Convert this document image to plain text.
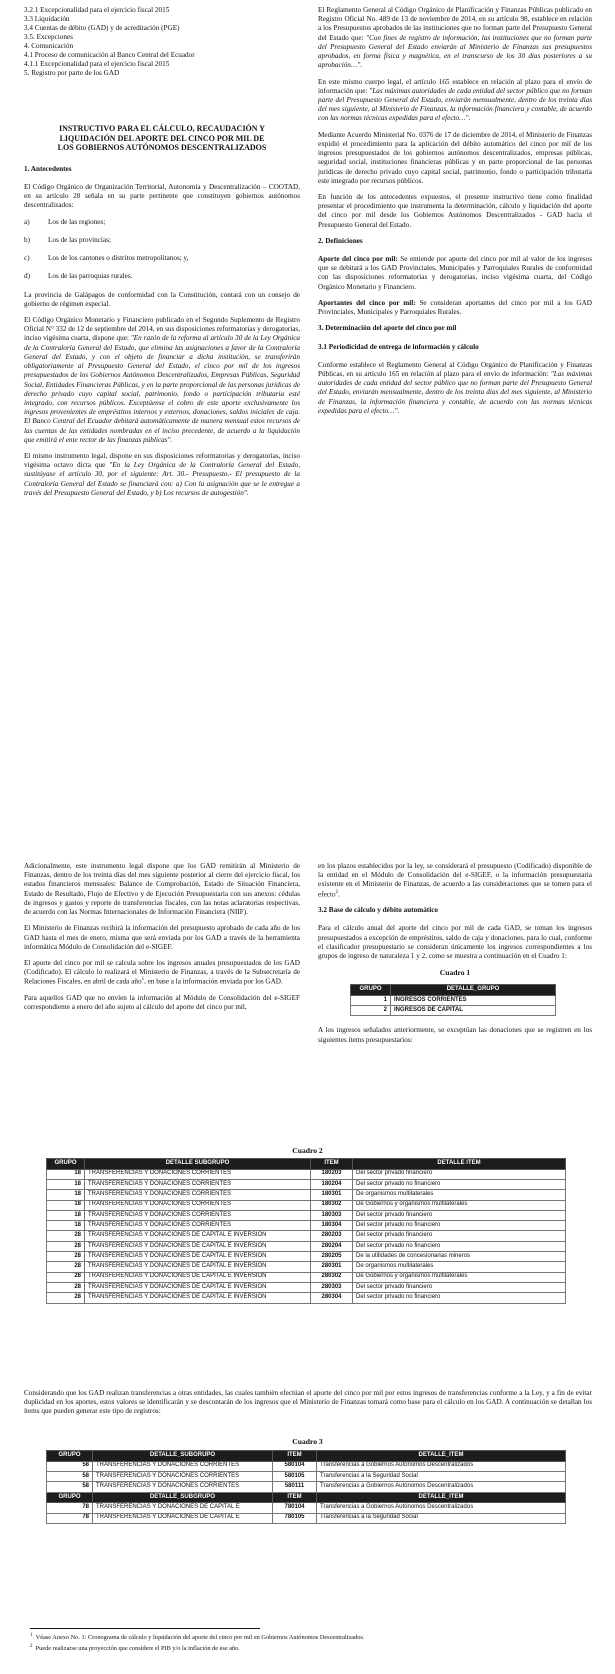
3.2.1 Excepcionalidad para el ejercicio fiscal 2015
3.3 Liquidación
3.4 Cuentas de débito (GAD) y de acreditación (PGE)
3.5. Excepciones
4. Comunicación
4.1 Proceso de comunicación al Banco Central del Ecuador
4.1.1 Excepcionalidad para el ejercicio fiscal 2015
5. Registro por parte de los GAD
INSTRUCTIVO PARA EL CÁLCULO, RECAUDACIÓN Y LIQUIDACIÓN DEL APORTE DEL CINCO POR MIL DE LOS GOBIERNOS AUTÓNOMOS DESCENTRALIZADOS
1. Antecedentes

El Código Orgánico de Organización Territorial, Autonomía y Descentralización – COOTAD, en su artículo 28 señala en su parte pertinente que constituyen gobiernos autónomos descentralizados:

a)	Los de las regiones;
b)	Los de las provincias;
c)	Los de los cantones o distritos metropolitanos; y,
d)	Los de las parroquias rurales.

La provincia de Galápagos de conformidad con la Constitución, contará con un consejo de gobierno de régimen especial.

El Código Orgánico Monetario y Financiero publicado en el Segundo Suplemento de Registro Oficial N° 332 de 12 de septiembre del 2014, en sus disposiciones reformatorias y derogatorias, inciso vigésima cuarta, dispone que: "En razón de la reforma al artículo 30 de la Ley Orgánica de la Contraloría General del Estado, que elimina las asignaciones a favor de la Contraloría General del Estado, y con el objeto de financiar a dicha institución, se transferirán obligatoriamente al Presupuesto General del Estado, el cinco por mil de los ingresos presupuestados de los Gobiernos Autónomos Descentralizados, Empresas Públicas, Seguridad Social, Entidades Financieras Públicas, y en la parte proporcional de las personas jurídicas de derecho privado cuyo capital social, patrimonio, fondo o participación tributaria esté integrado, con recursos públicos. Exceptúense el cobro de este aporte exclusivamente los ingresos provenientes de empréstitos internos y externos, donaciones, saldos iniciales de caja. El Banco Central del Ecuador debitará automáticamente de manera mensual estos recursos de las cuentas de las entidades nombradas en el inciso precedente, de acuerdo a la liquidación que emitirá el ente rector de las finanzas públicas".

El mismo instrumento legal, dispone en sus disposiciones reformatorias y derogatorias, inciso vigésima octavo dicta que "En la Ley Orgánica de la Contraloría General del Estado, sustitúyase el artículo 30, por el siguiente: Art. 30.- Presupuesto.- El presupuesto de la Contraloría General del Estado se financiará con: a) Con la asignación que se le entregue a través del Presupuesto General del Estado, y b) Los recursos de autogestión".

El Reglamento General al Código Orgánico de Planificación y Finanzas Públicas publicado en Registro Oficial No. 489 de 13 de noviembre de 2014, en su artículo 98, establece en relación a los Presupuestos aprobados de las instituciones que no forman parte del Presupuesto General del Estado que: "Con fines de registro de información, las instituciones que no forman parte del Presupuesto General del Estado enviarán al Ministerio de Finanzas sus presupuestos aprobados, en forma física y magnética, en el transcurso de los 30 días posteriores a su aprobación…".

En este mismo cuerpo legal, el artículo 165 establece en relación al plazo para el envío de información que: "Las máximas autoridades de cada entidad del sector público que no forman parte del Presupuesto General del Estado, enviarán mensualmente, dentro de los treinta días del mes siguiente, al Ministerio de Finanzas, la información financiera y contable, de acuerdo con las normas técnicas expedidas para el efecto…".

Mediante Acuerdo Ministerial No. 0376 de 17 de diciembre de 2014, el Ministerio de Finanzas expidió el procedimiento para la aplicación del débito automático del cinco por mil de los ingresos presupuestados de los gobiernos autónomos descentralizados, empresas públicas, seguridad social, instituciones financieras públicas y en parte proporcional de las personas jurídicas de derecho privado cuyo capital social, patrimonio, fondo o participación tributaria este integrado por recursos públicos.

En función de los antecedentes expuestos, el presente instructivo tiene como finalidad presentar el procedimiento que instrumenta la determinación, cálculo y liquidación del aporte del cinco por mil desde los Gobiernos Autónomos Descentralizados - GAD hacia el Presupuesto General del Estado.

2. Definiciones

Aporte del cinco por mil: Se entiende por aporte del cinco por mil al valor de los ingresos que se debitará a los GAD Provinciales, Municipales y Parroquiales Rurales de conformidad con las disposiciones reformatorias y derogatorias, inciso vigésima cuarta, del Código Orgánico Monetario y Financiero.

Aportantes del cinco por mil: Se consideran aportantes del cinco por mil a los GAD Provinciales, Municipales y Parroquiales Rurales.

3. Determinación del aporte del cinco por mil
3.1 Periodicidad de entrega de información y cálculo

Conforme establece el Reglamento General al Código Orgánico de Planificación y Finanzas Públicas, en su artículo 165 en relación al plazo para el envío de información: "Las máximas autoridades de cada entidad del sector público que no forman parte del Presupuesto General del Estado, enviarán mensualmente, dentro de los treinta días del mes siguiente, al Ministerio de Finanzas, la información financiera y contable, de acuerdo con las normas técnicas expedidas para el efecto…".

Adicionalmente, este instrumento legal dispone que los GAD remitirán al Ministerio de Finanzas, dentro de los treinta días del mes siguiente posterior al cierre del ejercicio fiscal, los estados financieros mensuales: Balance de Comprobación, Estado de Situación Financiera, Estado de Resultado, Flujo de Efectivo y de Ejecución Presupuestaria con sus anexos: cédulas de ingresos y gastos y reporte de transferencias fiscales, con las notas aclaratorias respectivas, de acuerdo con las Normas Internacionales de Información Financiera (NIIF).

El Ministerio de Finanzas recibirá la información del presupuesto aprobado de cada año de los GAD hasta el mes de enero, misma que será enviada por los GAD a través de la herramienta informática Módulo de Consolidación del e-SIGEF.

El aporte del cinco por mil se calcula sobre los ingresos anuales presupuestados de los GAD (Codificado). El cálculo lo realizará el Ministerio de Finanzas, a través de la Subsecretaría de Relaciones Fiscales, en abril de cada año$^1$, en base a la información enviada por los GAD.

Para aquellos GAD que no envíen la información al Módulo de Consolidación del e-SIGEF correspondiente a enero del año sujeto al cálculo del aporte del cinco por mil,

en los plazos establecidos por la ley, se considerará el presupuesto (Codificado) disponible de la entidad en el Módulo de Consolidación del e-SIGEF, o la información presupuestaria existente en el Ministerio de Finanzas, de acuerdo a las consideraciones que se tomen para el efecto$^2$.

3.2 Base de cálculo y débito automático

Para el cálculo anual del aporte del cinco por mil de cada GAD, se toman los ingresos presupuestados a excepción de empréstitos, saldo de caja y donaciones, para lo cual, conforme el clasificador presupuestario se consideran únicamente los ingresos correspondientes a los grupos de ingreso de naturaleza 1 y 2, como se muestra a continuación en el Cuadro 1:

Cuadro 1
GRUPO	DETALLE_GRUPO
1	INGRESOS CORRIENTES
2	INGRESOS DE CAPITAL

A los ingresos señalados anteriormente, se exceptúan las donaciones que se registren en los siguientes ítems presupuestarios:

Cuadro 2
GRUPO	DETALLE SUBGRUPO	ITEM	DETALLE ITEM
18	TRANSFERENCIAS Y DONACIONES CORRIENTES	180203	Del sector privado financiero
18	TRANSFERENCIAS Y DONACIONES CORRIENTES	180204	Del sector privado no financiero
18	TRANSFERENCIAS Y DONACIONES CORRIENTES	180301	De organismos multilaterales
18	TRANSFERENCIAS Y DONACIONES CORRIENTES	180302	De Gobiernos y organismos multilaterales
18	TRANSFERENCIAS Y DONACIONES CORRIENTES	180303	Del sector privado financiero
18	TRANSFERENCIAS Y DONACIONES CORRIENTES	180304	Del sector privado no financiero
28	TRANSFERENCIAS Y DONACIONES DE CAPITAL E INVERSIÓN	280203	Del sector privado financiero
28	TRANSFERENCIAS Y DONACIONES DE CAPITAL E INVERSIÓN	280204	Del sector privado no financiero
28	TRANSFERENCIAS Y DONACIONES DE CAPITAL E INVERSIÓN	280205	De la utilidades de concesionarias mineros
28	TRANSFERENCIAS Y DONACIONES DE CAPITAL E INVERSIÓN	280301	De organismos multilaterales
28	TRANSFERENCIAS Y DONACIONES DE CAPITAL E INVERSIÓN	280302	De Gobiernos y organismos multilaterales
28	TRANSFERENCIAS Y DONACIONES DE CAPITAL E INVERSIÓN	280303	Del sector privado financiero
28	TRANSFERENCIAS Y DONACIONES DE CAPITAL E INVERSIÓN	280304	Del sector privado no financiero

Considerando que los GAD realizan transferencias a otras entidades, las cuales también efectúan el aporte del cinco por mil por estos ingresos de transferencias conforme a la Ley, y a fin de evitar duplicidad en los aportes, estos valores se identificarán y se descontarán de los ingresos que el Ministerio de Finanzas tomará como base para el cálculo en los GAD. A continuación se detallan los ítems que pueden generar este tipo de registros:

Cuadro 3
GRUPO	DETALLE_SUBGRUPO	ITEM	DETALLE_ITEM
58	TRANSFERENCIAS Y DONACIONES CORRIENTES	580104	Transferencias a Gobiernos Autónomos Descentralizados
58	TRANSFERENCIAS Y DONACIONES CORRIENTES	580105	Transferencias a la Seguridad Social
58	TRANSFERENCIAS Y DONACIONES CORRIENTES	580111	Transferencias a Gobiernos Autónomos Descentralizados
GRUPO	DETALLE_SUBGRUPO	ITEM	DETALLE_ITEM
78	TRANSFERENCIAS Y DONACIONES DE CAPITAL E	780104	Transferencias a Gobiernos Autónomos Descentralizados
78	TRANSFERENCIAS Y DONACIONES DE CAPITAL E	780105	Transferencias a la Seguridad Social
$^1$ Véase Anexo No. 1: Cronograma de cálculo y liquidación del aporte del cinco por mil en Gobiernos Autónomos Descentralizados.
$^2$ Puede realizarse una proyección que considere el PIB y/o la inflación de ese año.
